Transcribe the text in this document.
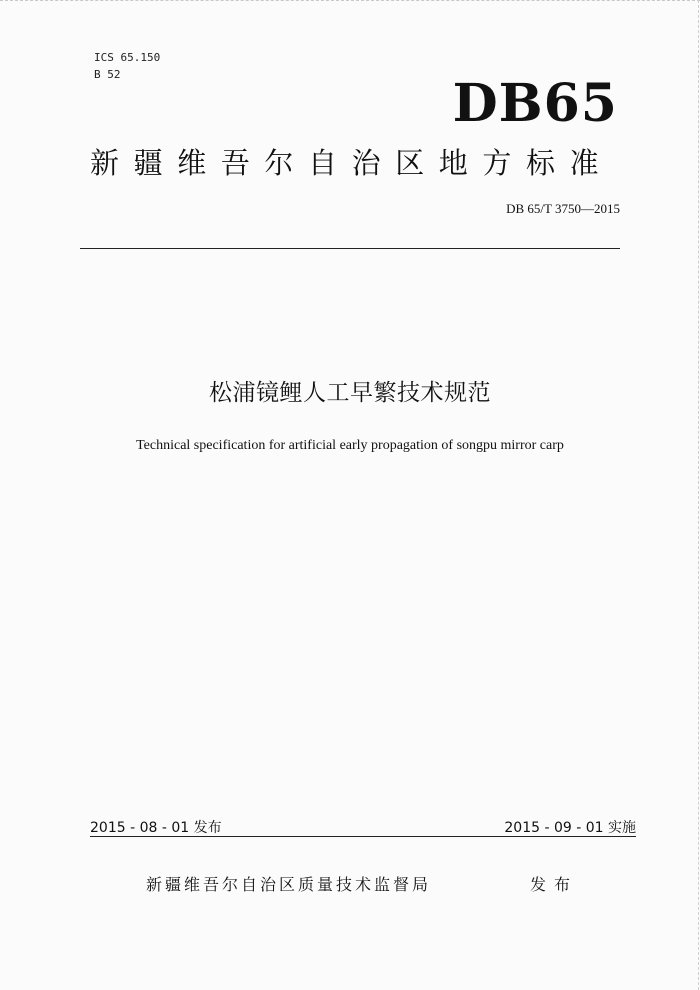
ICS 65.150
B 52	DB65
新疆维吾尔自治区地方标准
DB 65/T 3750—2015
松浦镜鲤人工早繁技术规范
Technical specification for artificial early propagation of songpu mirror carp
2015 - 08 - 01 发布	2015 - 09 - 01 实施
新疆维吾尔自治区质量技术监督局	发布
